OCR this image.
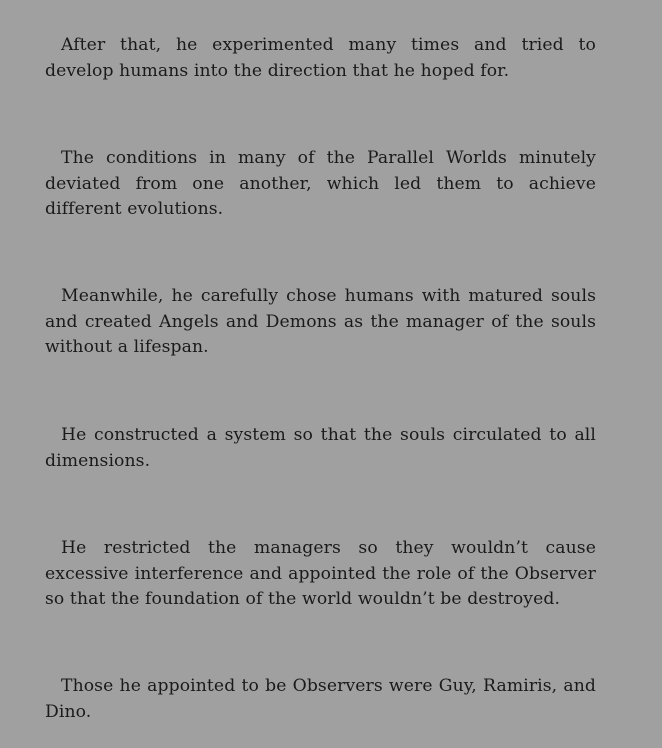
After that, he experimented many times and tried to develop humans into the direction that he hoped for.

The conditions in many of the Parallel Worlds minutely deviated from one another, which led them to achieve different evolutions.

Meanwhile, he carefully chose humans with matured souls and created Angels and Demons as the manager of the souls without a lifespan.

He constructed a system so that the souls circulated to all dimensions.

He restricted the managers so they wouldn’t cause excessive interference and appointed the role of the Observer so that the foundation of the world wouldn’t be destroyed.

Those he appointed to be Observers were Guy, Ramiris, and Dino.
